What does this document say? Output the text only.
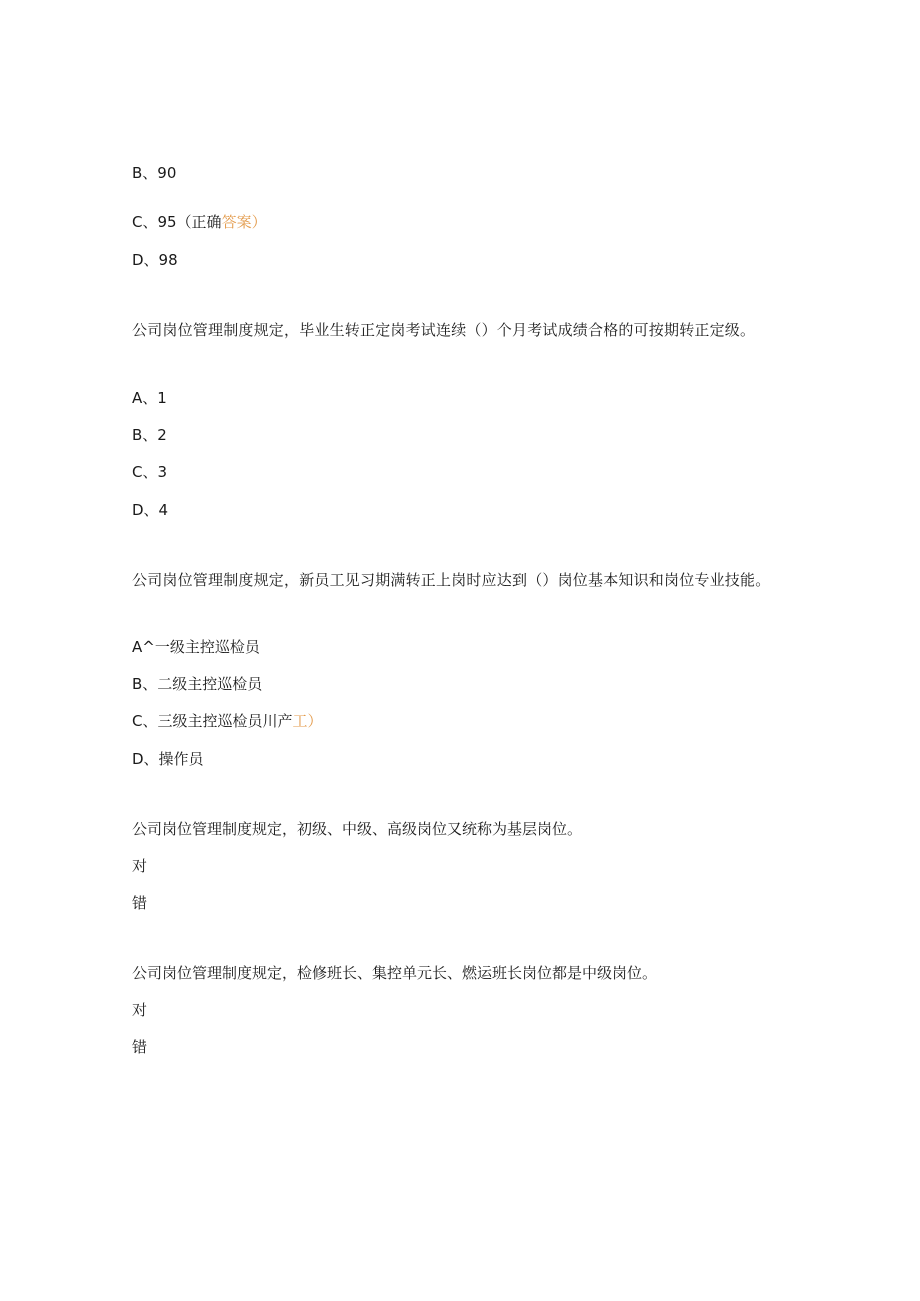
B、90
C、95（正确答案）
D、98
公司岗位管理制度规定，毕业生转正定岗考试连续（）个月考试成绩合格的可按期转正定级。
A、1
B、2
C、3
D、4
公司岗位管理制度规定，新员工见习期满转正上岗时应达到（）岗位基本知识和岗位专业技能。
A^一级主控巡检员
B、二级主控巡检员
C、三级主控巡检员川产工）
D、操作员
公司岗位管理制度规定，初级、中级、高级岗位又统称为基层岗位。
对
错
公司岗位管理制度规定，检修班长、集控单元长、燃运班长岗位都是中级岗位。
对
错
